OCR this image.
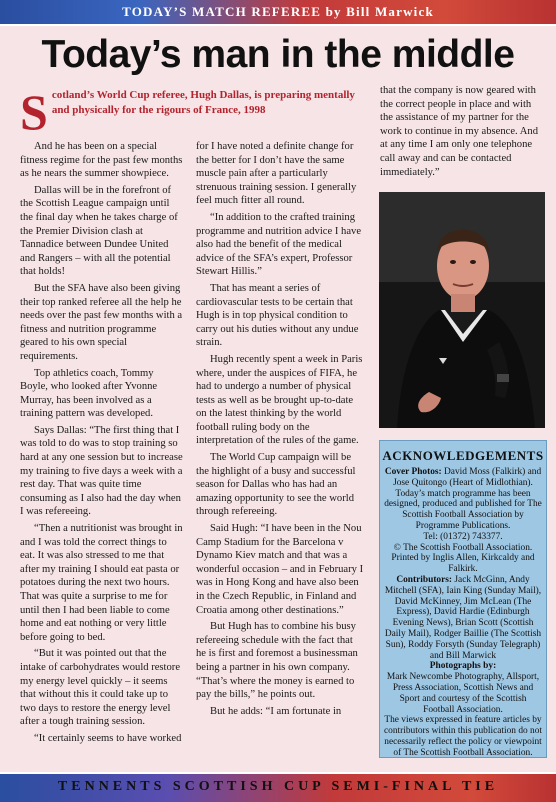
TODAY’S MATCH REFEREE by Bill Marwick
Today’s man in the middle
S cotland’s World Cup referee, Hugh Dallas, is preparing mentally and physically for the rigours of France, 1998

And he has been on a special fitness regime for the past few months as he nears the summer showpiece.

Dallas will be in the forefront of the Scottish League campaign until the final day when he takes charge of the Premier Division clash at Tannadice between Dundee United and Rangers – with all the potential that holds!

But the SFA have also been giving their top ranked referee all the help he needs over the past few months with a fitness and nutrition programme geared to his own special requirements.

Top athletics coach, Tommy Boyle, who looked after Yvonne Murray, has been involved as a training pattern was developed.

Says Dallas: “The first thing that I was told to do was to stop training so hard at any one session but to increase my training to five days a week with a rest day. That was quite time consuming as I also had the day when I was refereeing.

“Then a nutritionist was brought in and I was told the correct things to eat. It was also stressed to me that after my training I should eat pasta or potatoes during the next two hours. That was quite a surprise to me for until then I had been liable to come home and eat nothing or very little before going to bed.

“But it was pointed out that the intake of carbohydrates would restore my energy level quickly – it seems that without this it could take up to two days to restore the energy level after a tough training session.

“It certainly seems to have worked

for I have noted a definite change for the better for I don’t have the same muscle pain after a particularly strenuous training session. I generally feel much fitter all round.

“In addition to the crafted training programme and nutrition advice I have also had the benefit of the medical advice of the SFA’s expert, Professor Stewart Hillis.”

That has meant a series of cardiovascular tests to be certain that Hugh is in top physical condition to carry out his duties without any undue strain.

Hugh recently spent a week in Paris where, under the auspices of FIFA, he had to undergo a number of physical tests as well as be brought up-to-date on the latest thinking by the world football ruling body on the interpretation of the rules of the game.

The World Cup campaign will be the highlight of a busy and successful season for Dallas who has had an amazing opportunity to see the world through refereeing.

Said Hugh: “I have been in the Nou Camp Stadium for the Barcelona v Dynamo Kiev match and that was a wonderful occasion – and in February I was in Hong Kong and have also been in the Czech Republic, in Finland and Croatia among other destinations.”

But Hugh has to combine his busy refereeing schedule with the fact that he is first and foremost a businessman being a partner in his own company. “That’s where the money is earned to pay the bills,” he points out.

But he adds: “I am fortunate in

that the company is now geared with the correct people in place and with the assistance of my partner for the work to continue in my absence. And at any time I am only one telephone call away and can be contacted immediately.”

ACKNOWLEDGEMENTS

Cover Photos: David Moss (Falkirk) and Jose Quitongo (Heart of Midlothian).

Today’s match programme has been designed, produced and published for The Scottish Football Association by Programme Publications.

Tel: (01372) 743377.

© The Scottish Football Association.

Printed by Inglis Allen, Kirkcaldy and Falkirk.

Contributors: Jack McGinn, Andy Mitchell (SFA), Iain King (Sunday Mail), David McKinney, Jim McLean (The Express), David Hardie (Edinburgh Evening News), Brian Scott (Scottish Daily Mail), Rodger Baillie (The Scottish Sun), Roddy Forsyth (Sunday Telegraph) and Bill Marwick

Photographs by:

Mark Newcombe Photography, Allsport, Press Association, Scottish News and Sport and courtesy of the Scottish Football Association.

The views expressed in feature articles by contributors within this publication do not necessarily reflect the policy or viewpoint of The Scottish Football Association.

TENNENTS SCOTTISH CUP SEMI-FINAL TIE
